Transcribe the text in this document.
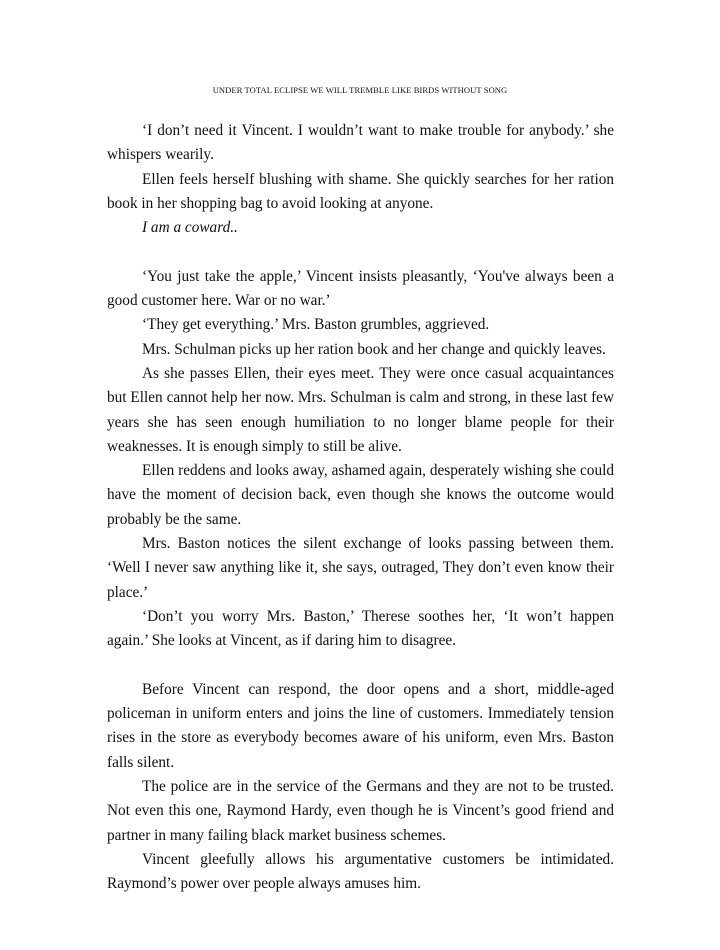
UNDER TOTAL ECLIPSE WE WILL TREMBLE LIKE BIRDS WITHOUT SONG

‘I don’t need it Vincent. I wouldn’t want to make trouble for anybody.’ she whispers wearily.

Ellen feels herself blushing with shame. She quickly searches for her ration book in her shopping bag to avoid looking at anyone.

I am a coward..

‘You just take the apple,’ Vincent insists pleasantly, ‘You've always been a good customer here. War or no war.’

‘They get everything.’ Mrs. Baston grumbles, aggrieved.

Mrs. Schulman picks up her ration book and her change and quickly leaves.

As she passes Ellen, their eyes meet. They were once casual acquaintances but Ellen cannot help her now. Mrs. Schulman is calm and strong, in these last few years she has seen enough humiliation to no longer blame people for their weaknesses. It is enough simply to still be alive.

Ellen reddens and looks away, ashamed again, desperately wishing she could have the moment of decision back, even though she knows the outcome would probably be the same.

Mrs. Baston notices the silent exchange of looks passing between them. ‘Well I never saw anything like it, she says, outraged, They don’t even know their place.’

‘Don’t you worry Mrs. Baston,’ Therese soothes her, ‘It won’t happen again.’ She looks at Vincent, as if daring him to disagree.

Before Vincent can respond, the door opens and a short, middle-aged policeman in uniform enters and joins the line of customers. Immediately tension rises in the store as everybody becomes aware of his uniform, even Mrs. Baston falls silent.

The police are in the service of the Germans and they are not to be trusted. Not even this one, Raymond Hardy, even though he is Vincent’s good friend and partner in many failing black market business schemes.

Vincent gleefully allows his argumentative customers be intimidated. Raymond’s power over people always amuses him.
